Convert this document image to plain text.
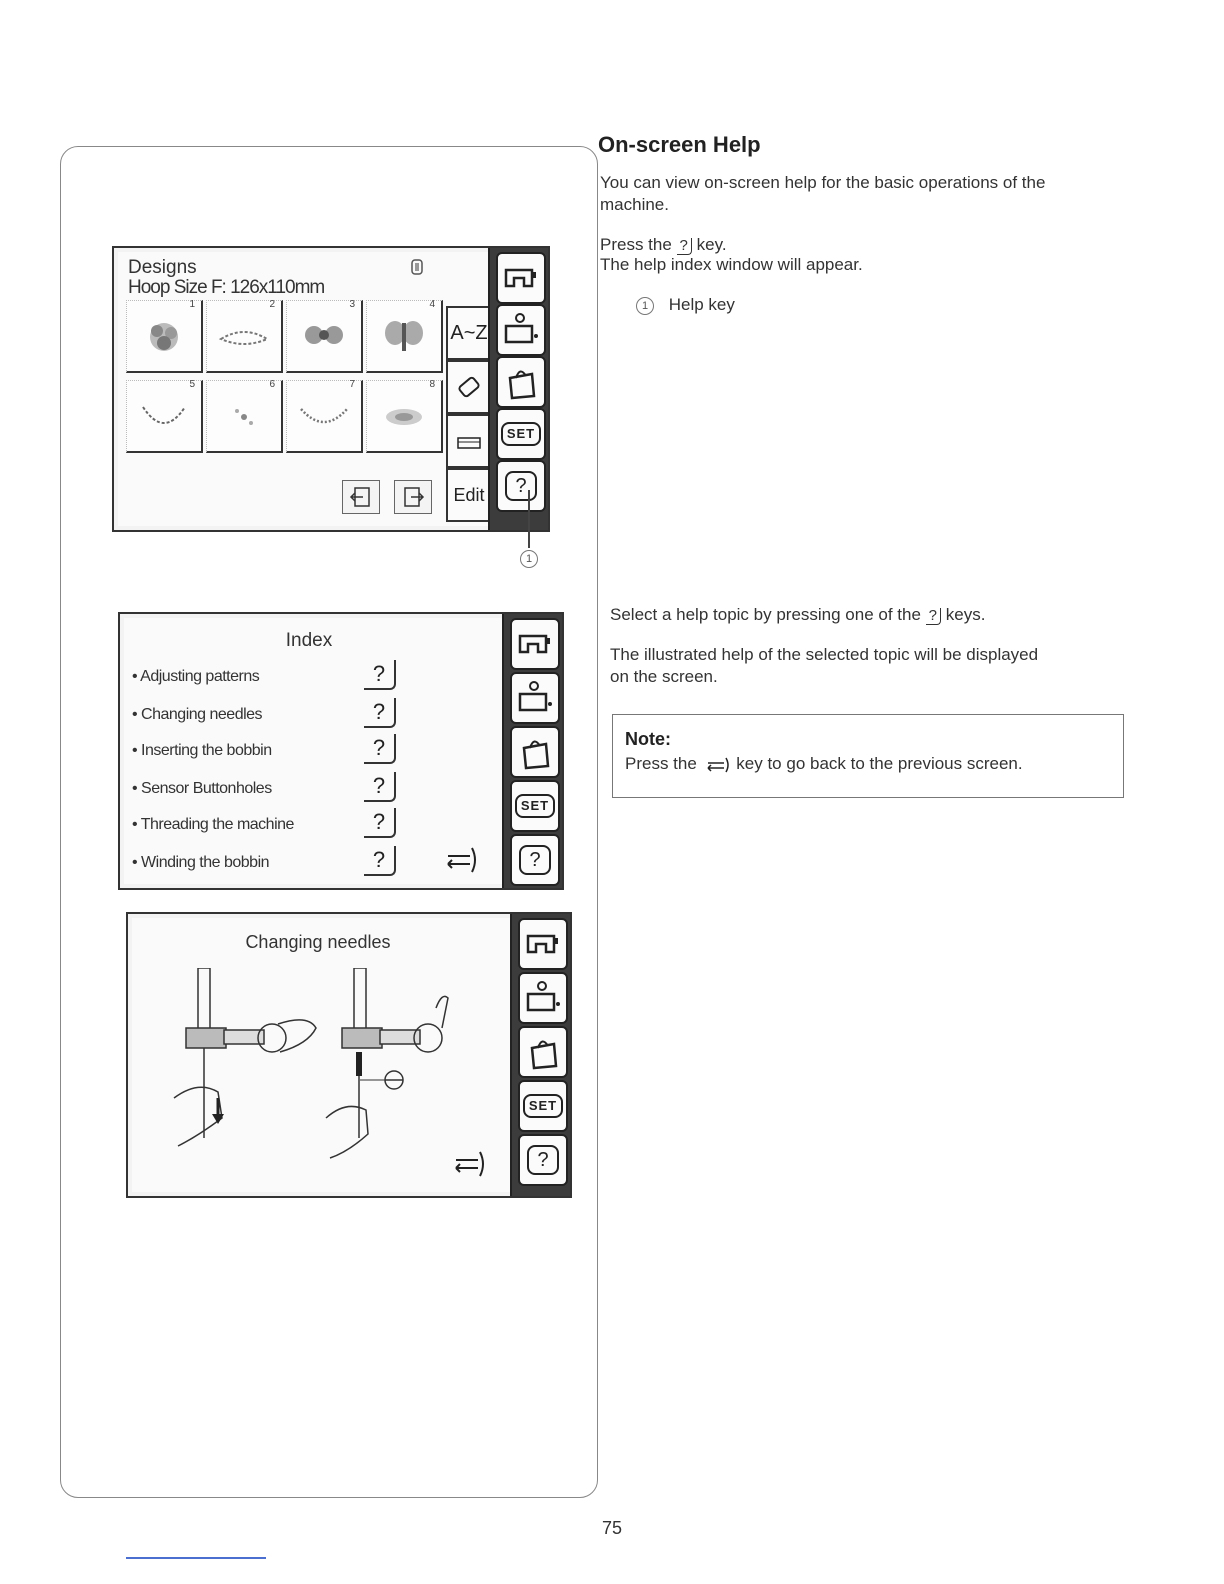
Designs
Hoop Size F: 126x110mm
1	2	3	4
5	6	7	8
A~Z
Edit
SET
?
1
Index
• Adjusting patterns	?
• Changing needles	?
• Inserting the bobbin	?
• Sensor Buttonholes	?
• Threading the machine	?
• Winding the bobbin	?
SET
?
Changing needles
SET
?
On-screen Help
You can view on-screen help for the basic operations of the machine.
Press the ? key.
The help index window will appear.
1 Help key
Select a help topic by pressing one of the ? keys.
The illustrated help of the selected topic will be displayed on the screen.
Note:
Press the key to go back to the previous screen.
75
